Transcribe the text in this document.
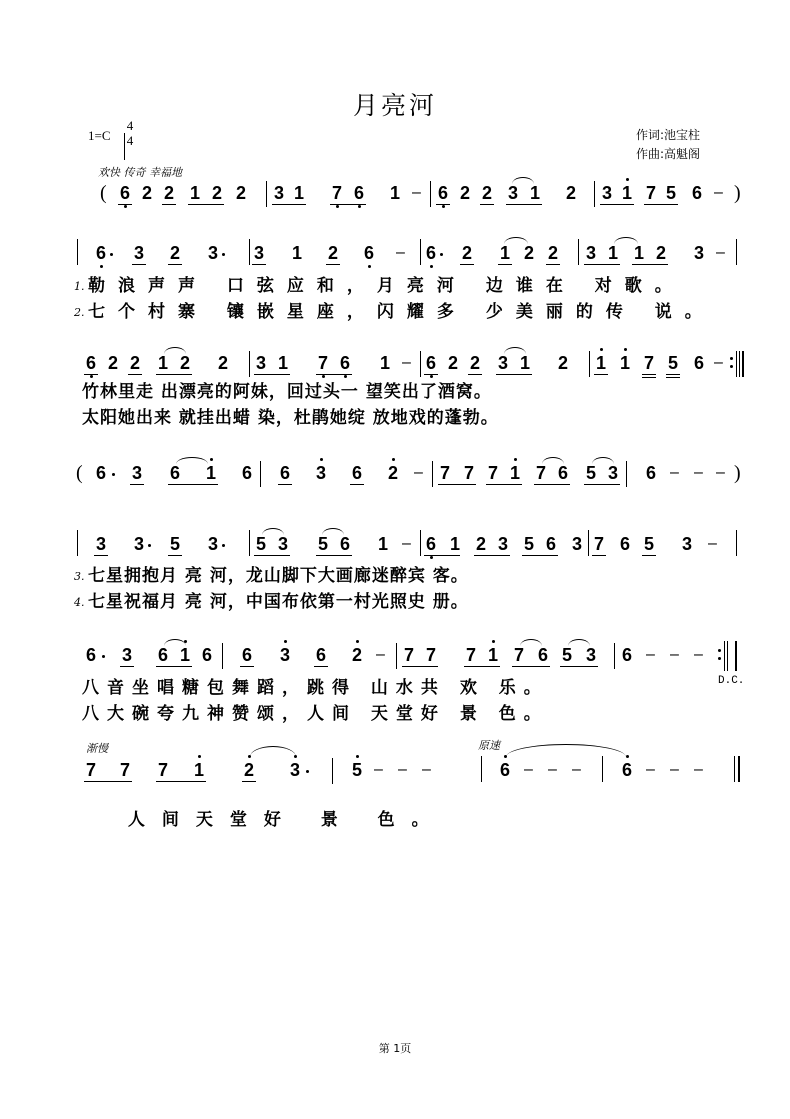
月亮河
1=C
4
4	作词:池宝柱
作曲:高魁阁
欢快 传奇 幸福地
( 6 2 2 1 2 2 3 1 7 6 1 – 6 2 2 3 1 2 3 1 7 5 6 – )
6 3 2 3 3 1 2 6 – 6 2 1 2 2 3 1 1 2 3 –
1. 勒浪声声 口弦应和，月亮河 边谁在 对歌。
2. 七个村寨 镶嵌星座，闪耀多 少美丽的传 说。
6 2 2 1 2 2 3 1 7 6 1 – 6 2 2 3 1 2 1 1 7 5 6 –
竹林里走 出漂亮的阿妹，回过头一 望笑出了酒窝。
太阳她出来 就挂出蜡 染，杜鹃她绽 放地戏的蓬勃。
( 6 3 6 1 6 6 3 6 2 – 7 7 7 1 7 6 5 3 6 – – – )
3 3 5 3 5 3 5 6 1 – 6 1 2 3 5 6 3 7 6 5 3 –
3. 七星拥抱月 亮 河，龙山脚下大画廊迷醉宾 客。
4. 七星祝福月 亮 河，中国布依第一村光照史 册。
6 3 6 1 6 6 3 6 2 – 7 7 7 1 7 6 5 3 6 – – –
D.C.
八音坐唱糖包舞蹈，跳得 山水共 欢 乐。
八大碗夸九神赞颂，人间 天堂好 景 色。
渐慢	原速
7 7 7 1 2 3	5 – – –	6 – – – 6 – – –

人间天堂好 景 色。

第 1页
